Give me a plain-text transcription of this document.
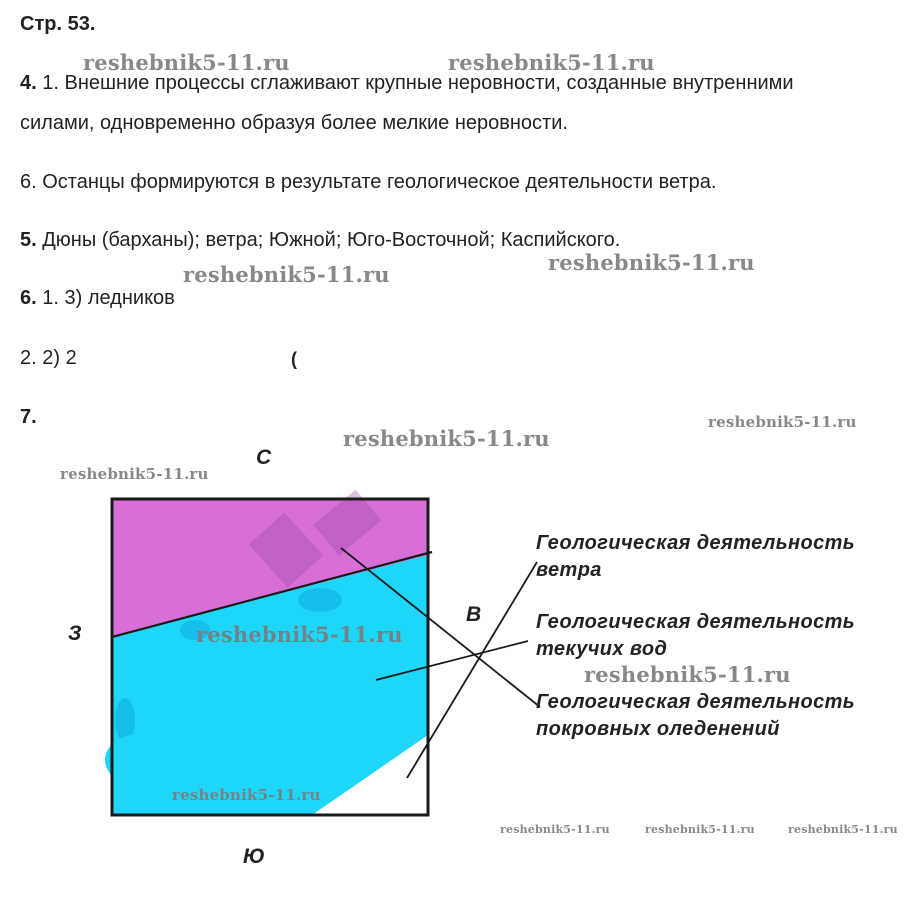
Стр. 53.
4. 1. Внешние процессы сглаживают крупные неровности, созданные внутренними
силами, одновременно образуя более мелкие неровности.
6. Останцы формируются в результате геологическое деятельности ветра.
5. Дюны (барханы); ветра; Южной; Юго-Восточной; Каспийского.
6. 1. 3) ледников
2. 2) 2	(
7.
С
Ю
З
В
Геологическая деятельность
ветра
Геологическая деятельность
текучих вод
Геологическая деятельность
покровных оледенений
reshebnik5-11.ru	reshebnik5-11.ru
reshebnik5-11.ru	reshebnik5-11.ru
reshebnik5-11.ru
reshebnik5-11.ru
reshebnik5-11.ru
reshebnik5-11.ru
reshebnik5-11.ru
reshebnik5-11.ru
reshebnik5-11.ru	reshebnik5-11.ru	reshebnik5-11.ru
